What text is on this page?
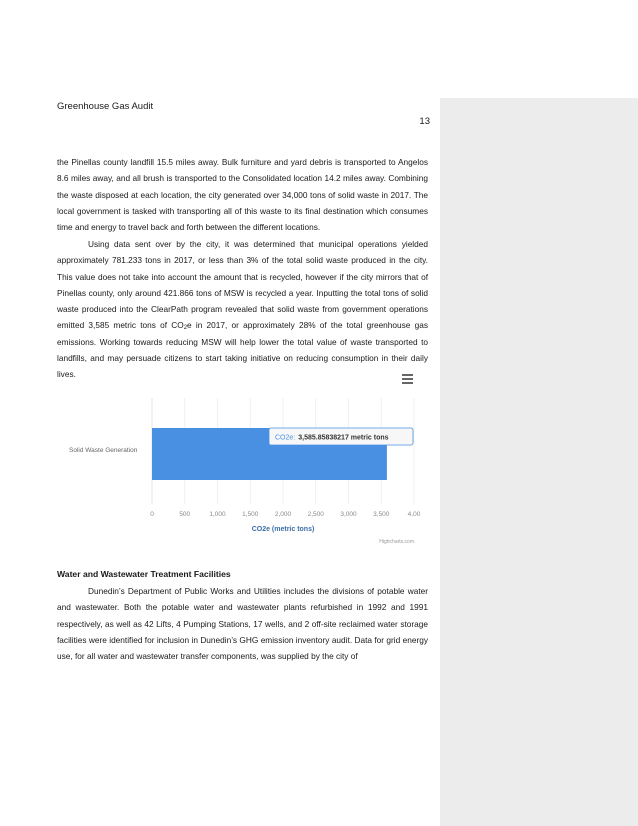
Greenhouse Gas Audit
13

the Pinellas county landfill 15.5 miles away. Bulk furniture and yard debris is transported to Angelos 8.6 miles away, and all brush is transported to the Consolidated location 14.2 miles away. Combining the waste disposed at each location, the city generated over 34,000 tons of solid waste in 2017. The local government is tasked with transporting all of this waste to its final destination which consumes time and energy to travel back and forth between the different locations.

Using data sent over by the city, it was determined that municipal operations yielded approximately 781.233 tons in 2017, or less than 3% of the total solid waste produced in the city. This value does not take into account the amount that is recycled, however if the city mirrors that of Pinellas county, only around 421.866 tons of MSW is recycled a year. Inputting the total tons of solid waste produced into the ClearPath program revealed that solid waste from government operations emitted 3,585 metric tons of $CO_2e$ in 2017, or approximately 28% of the total greenhouse gas emissions. Working towards reducing MSW will help lower the total value of waste transported to landfills, and may persuade citizens to start taking initiative on reducing consumption in their daily lives.

Solid Waste Generation
0	500	1,000	1,500	2,000	2,500	3,000	3,500	4,00
CO2e: 3,585.85838217 metric tons
CO2e (metric tons)
Highcharts.com
Water and Wastewater Treatment Facilities

Dunedin’s Department of Public Works and Utilities includes the divisions of potable water and wastewater. Both the potable water and wastewater plants refurbished in 1992 and 1991 respectively, as well as 42 Lifts, 4 Pumping Stations, 17 wells, and 2 off-site reclaimed water storage facilities were identified for inclusion in Dunedin’s GHG emission inventory audit. Data for grid energy use, for all water and wastewater transfer components, was supplied by the city of
